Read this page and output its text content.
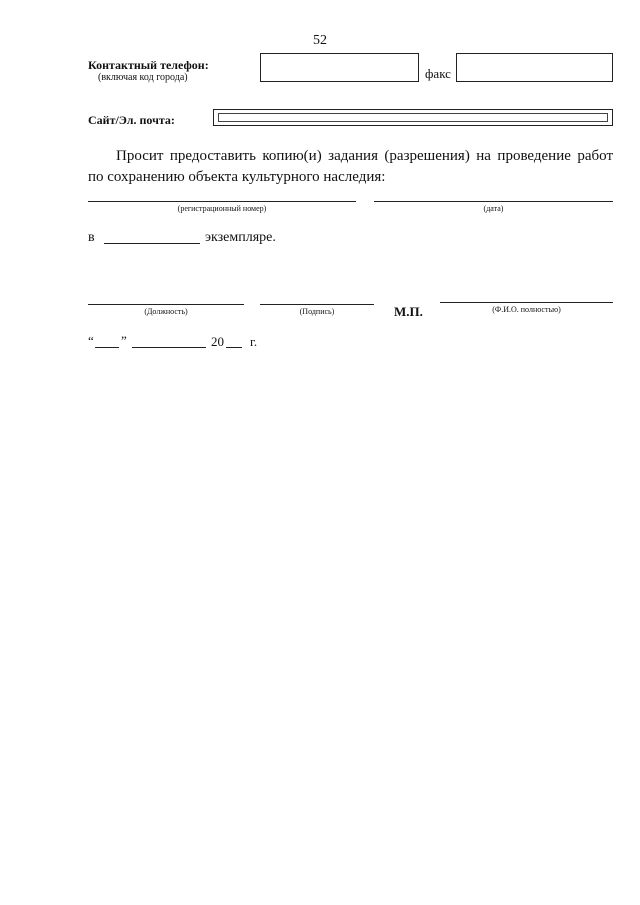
52
Контактный телефон:
(включая код города)	факс
Сайт/Эл. почта:
Просит предоставить копию(и) задания (разрешения) на проведение работ по сохранению объекта культурного наследия:
(регистрационный номер)	(дата)
в	экземпляре.
(Должность)	(Подпись)	М.П.	(Ф.И.О. полностью)
“ ”	20 г.
